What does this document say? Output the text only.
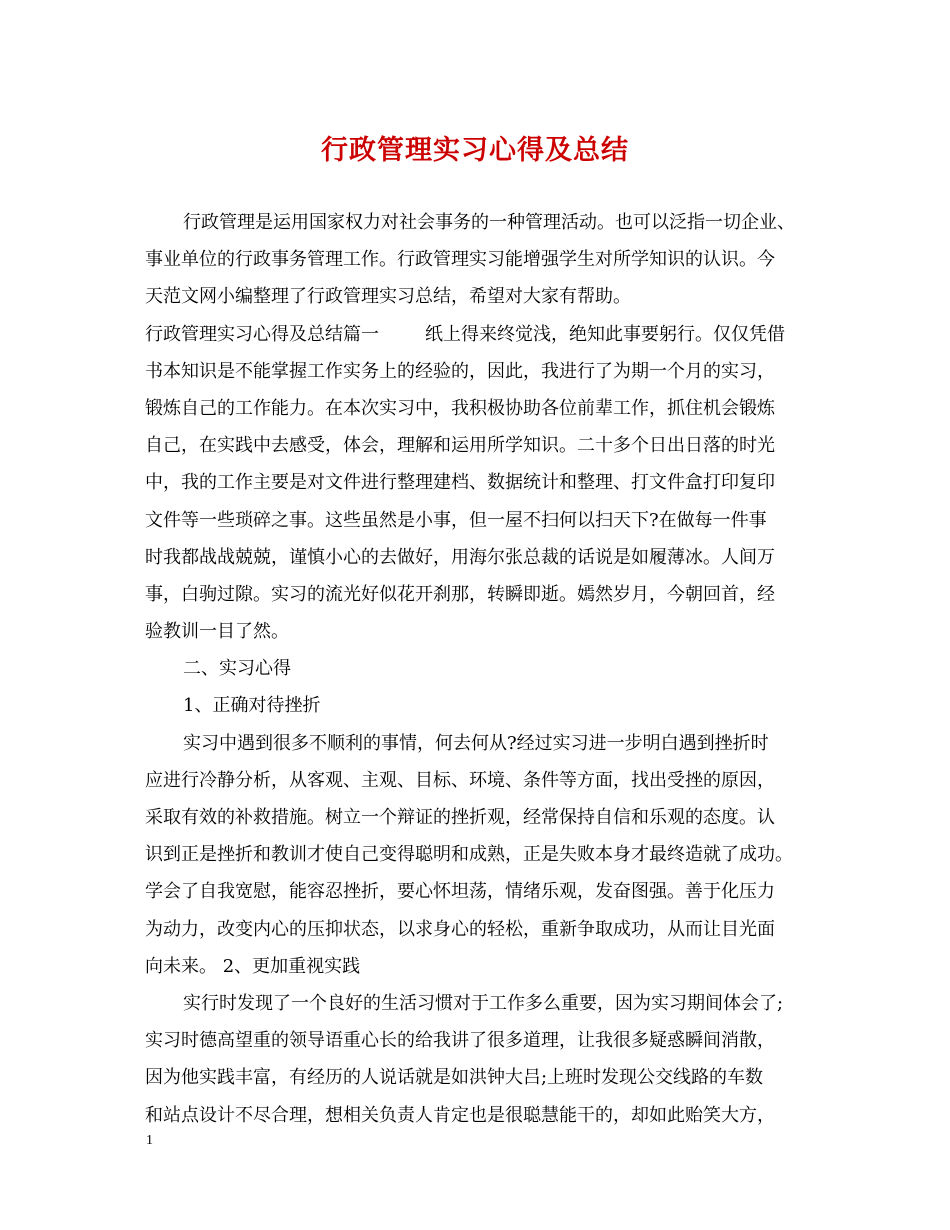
行政管理实习心得及总结
行政管理是运用国家权力对社会事务的一种管理活动。也可以泛指一切企业、
事业单位的行政事务管理工作。行政管理实习能增强学生对所学知识的认识。今
天范文网小编整理了行政管理实习总结，希望对大家有帮助。
行政管理实习心得及总结篇一	纸上得来终觉浅，绝知此事要躬行。仅仅凭借
书本知识是不能掌握工作实务上的经验的，因此，我进行了为期一个月的实习，
锻炼自己的工作能力。在本次实习中，我积极协助各位前辈工作，抓住机会锻炼
自己，在实践中去感受，体会，理解和运用所学知识。二十多个日出日落的时光
中，我的工作主要是对文件进行整理建档、数据统计和整理、打文件盒打印复印
文件等一些琐碎之事。这些虽然是小事，但一屋不扫何以扫天下?在做每一件事
时我都战战兢兢，谨慎小心的去做好，用海尔张总裁的话说是如履薄冰。人间万
事，白驹过隙。实习的流光好似花开刹那，转瞬即逝。嫣然岁月，今朝回首，经
验教训一目了然。
二、实习心得
1、正确对待挫折
实习中遇到很多不顺利的事情，何去何从?经过实习进一步明白遇到挫折时
应进行冷静分析，从客观、主观、目标、环境、条件等方面，找出受挫的原因，
采取有效的补救措施。树立一个辩证的挫折观，经常保持自信和乐观的态度。认
识到正是挫折和教训才使自己变得聪明和成熟，正是失败本身才最终造就了成功。
学会了自我宽慰，能容忍挫折，要心怀坦荡，情绪乐观，发奋图强。善于化压力
为动力，改变内心的压抑状态，以求身心的轻松，重新争取成功，从而让目光面
向未来。 2、更加重视实践
实行时发现了一个良好的生活习惯对于工作多么重要，因为实习期间体会了;
实习时德高望重的领导语重心长的给我讲了很多道理，让我很多疑惑瞬间消散，
因为他实践丰富，有经历的人说话就是如洪钟大吕;上班时发现公交线路的车数
和站点设计不尽合理，想相关负责人肯定也是很聪慧能干的，却如此贻笑大方，
1
